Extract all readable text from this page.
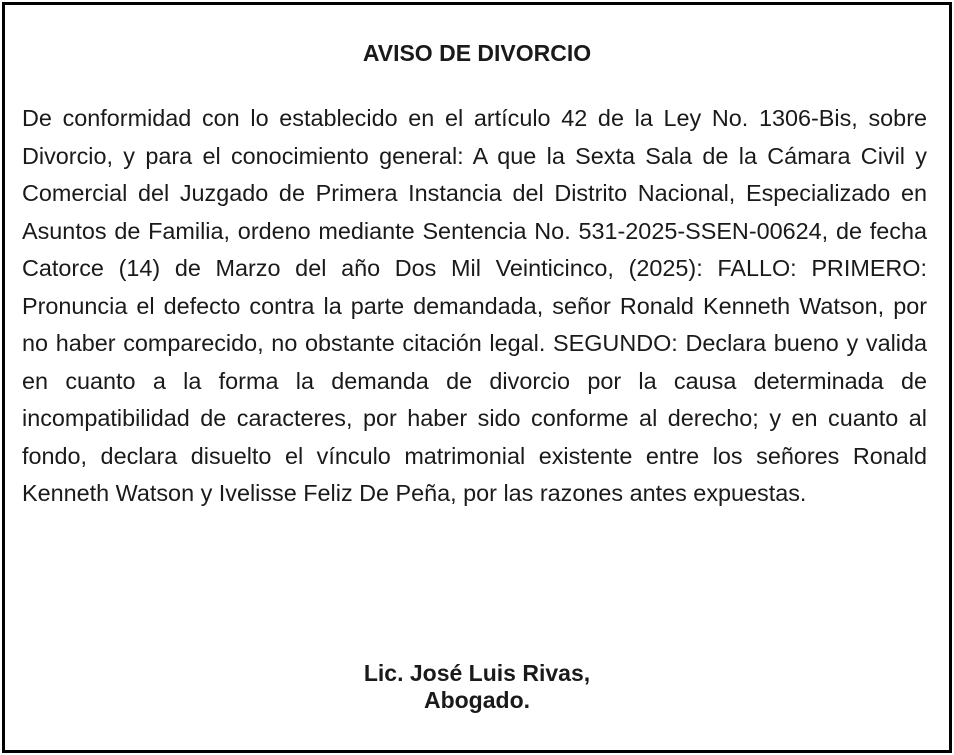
AVISO DE DIVORCIO

De conformidad con lo establecido en el artículo 42 de la Ley No. 1306-Bis, sobre Divorcio, y para el conocimiento general: A que la Sexta Sala de la Cámara Civil y Comercial del Juzgado de Primera Instancia del Distrito Nacional, Especializado en Asuntos de Familia, ordeno mediante Sentencia No. 531-2025-SSEN-00624, de fecha Catorce (14) de Marzo del año Dos Mil Veinticinco, (2025): FALLO: PRIMERO: Pronuncia el defecto contra la parte demandada, señor Ronald Kenneth Watson, por no haber comparecido, no obstante citación legal. SEGUNDO: Declara bueno y valida en cuanto a la forma la demanda de divorcio por la causa determinada de incompatibilidad de caracteres, por haber sido conforme al derecho; y en cuanto al fondo, declara disuelto el vínculo matrimonial existente entre los señores Ronald Kenneth Watson y Ivelisse Feliz De Peña, por las razones antes expuestas.

Lic. José Luis Rivas,
Abogado.
